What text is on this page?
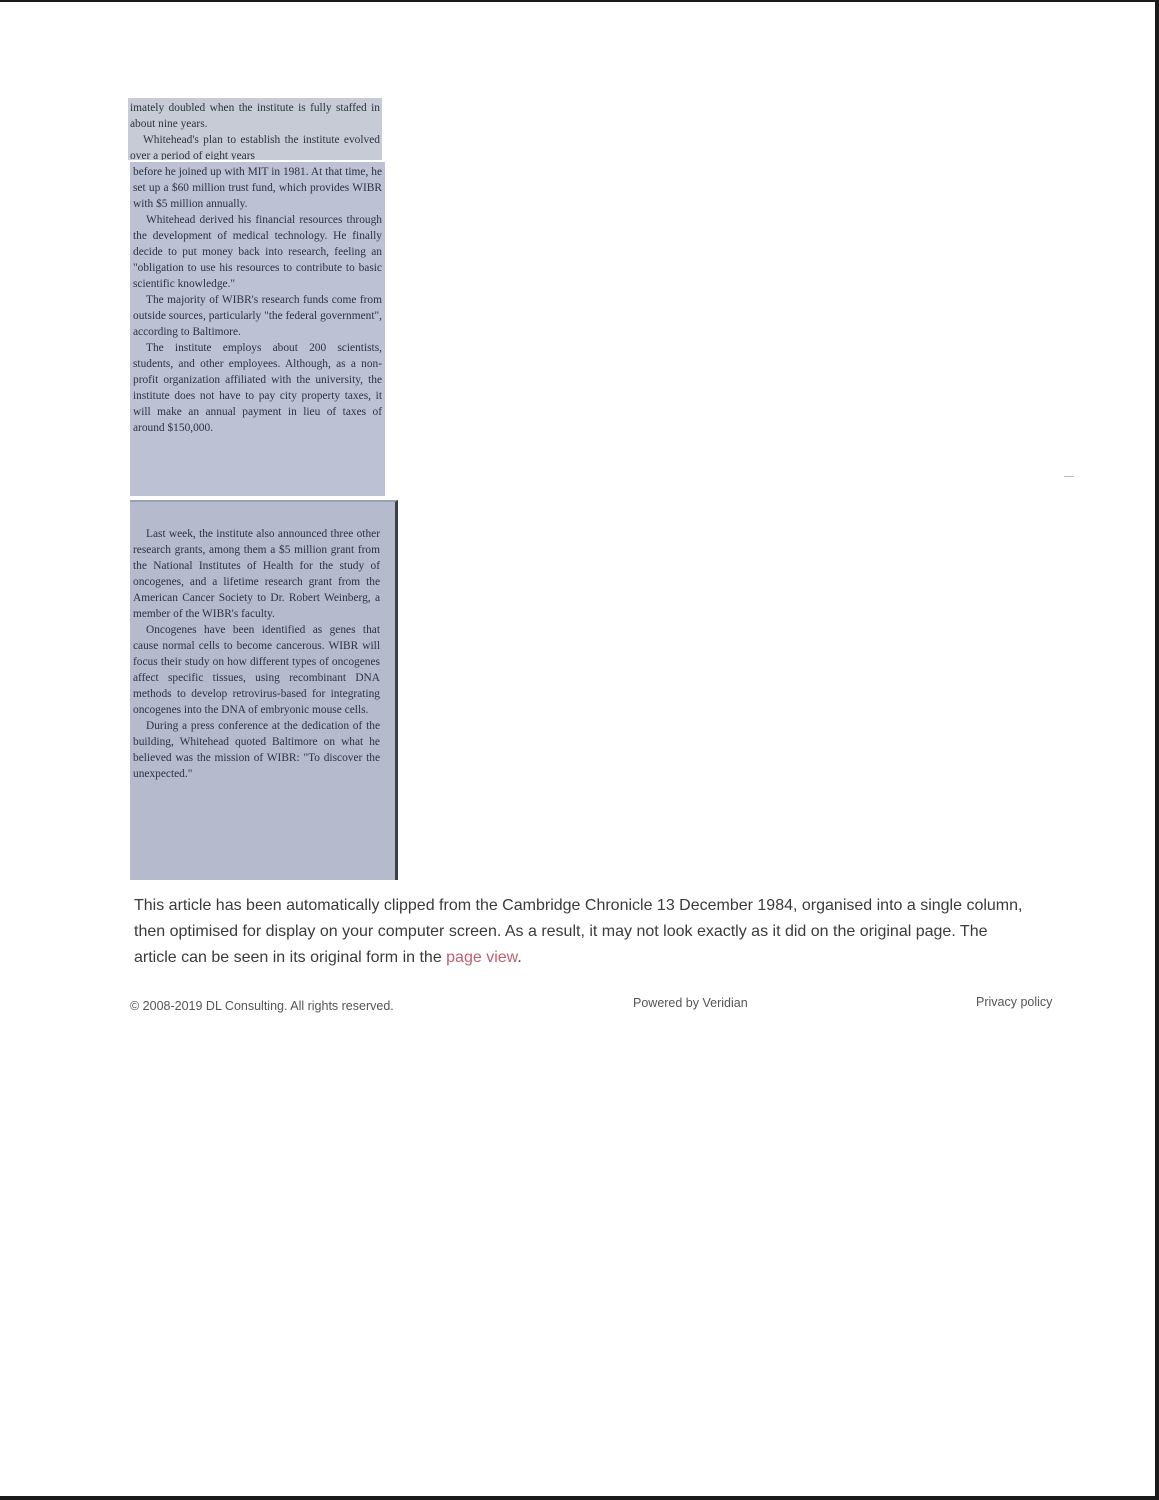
imately doubled when the institute is fully staffed in about nine years.

Whitehead's plan to establish the institute evolved over a period of eight years

before he joined up with MIT in 1981. At that time, he set up a $60 million trust fund, which provides WIBR with $5 million annually.

Whitehead derived his financial resources through the development of medical technology. He finally decide to put money back into research, feeling an "obligation to use his resources to contribute to basic scientific knowledge."

The majority of WIBR's research funds come from outside sources, particularly "the federal government", according to Baltimore.

The institute employs about 200 scientists, students, and other employees. Although, as a non-profit organization affiliated with the university, the institute does not have to pay city property taxes, it will make an annual payment in lieu of taxes of around $150,000.

Last week, the institute also announced three other research grants, among them a $5 million grant from the National Institutes of Health for the study of oncogenes, and a lifetime research grant from the American Cancer Society to Dr. Robert Weinberg, a member of the WIBR's faculty.

Oncogenes have been identified as genes that cause normal cells to become cancerous. WIBR will focus their study on how different types of oncogenes affect specific tissues, using recombinant DNA methods to develop retrovirus-based for integrating oncogenes into the DNA of embryonic mouse cells.

During a press conference at the dedication of the building, Whitehead quoted Baltimore on what he believed was the mission of WIBR: "To discover the unexpected."

This article has been automatically clipped from the Cambridge Chronicle 13 December 1984, organised into a single column, then optimised for display on your computer screen. As a result, it may not look exactly as it did on the original page. The article can be seen in its original form in the page view.

© 2008-2019 DL Consulting. All rights reserved.	Powered by Veridian	Privacy policy
